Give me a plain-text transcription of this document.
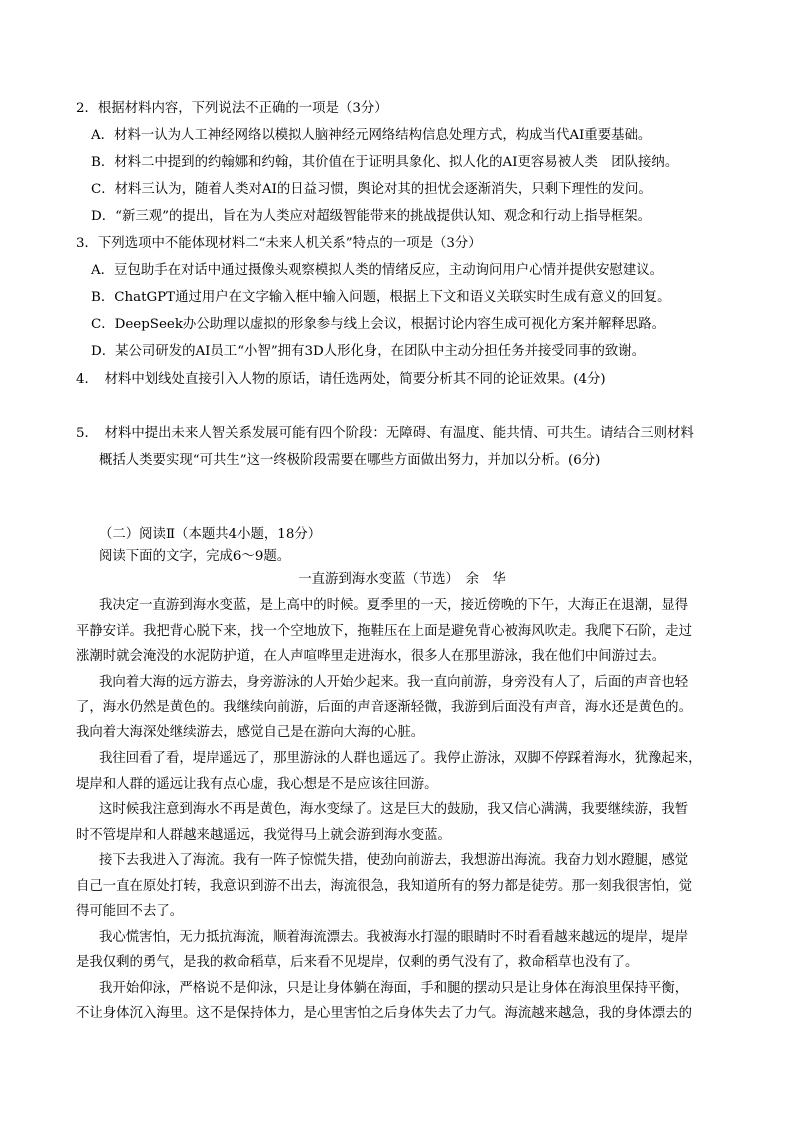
2．根据材料内容，下列说法不正确的一项是（3分）
A．材料一认为人工神经网络以模拟人脑神经元网络结构信息处理方式，构成当代AI重要基础。
B．材料二中提到的约翰娜和约翰，其价值在于证明具象化、拟人化的AI更容易被人类　团队接纳。
C．材料三认为，随着人类对AI的日益习惯，舆论对其的担忧会逐渐消失，只剩下理性的发问。
D．“新三观”的提出，旨在为人类应对超级智能带来的挑战提供认知、观念和行动上指导框架。
3．下列选项中不能体现材料二“未来人机关系”特点的一项是（3分）
A．豆包助手在对话中通过摄像头观察模拟人类的情绪反应，主动询问用户心情并提供安慰建议。
B．ChatGPT通过用户在文字输入框中输入问题，根据上下文和语义关联实时生成有意义的回复。
C．DeepSeek办公助理以虚拟的形象参与线上会议，根据讨论内容生成可视化方案并解释思路。
D．某公司研发的AI员工“小智”拥有3D人形化身，在团队中主动分担任务并接受同事的致谢。
4．　材料中划线处直接引入人物的原话，请任选两处，简要分析其不同的论证效果。(4分)
5．　材料中提出未来人智关系发展可能有四个阶段：无障碍、有温度、能共情、可共生。请结合三则材料
概括人类要实现“可共生”这一终极阶段需要在哪些方面做出努力，并加以分析。(6分)
（二）阅读Ⅱ（本题共4小题，18分）
阅读下面的文字，完成6～9题。
一直游到海水变蓝（节选）　余　华
我决定一直游到海水变蓝，是上高中的时候。夏季里的一天，接近傍晚的下午，大海正在退潮，显得
平静安详。我把背心脱下来，找一个空地放下，拖鞋压在上面是避免背心被海风吹走。我爬下石阶，走过
涨潮时就会淹没的水泥防护道，在人声喧哗里走进海水，很多人在那里游泳，我在他们中间游过去。
我向着大海的远方游去，身旁游泳的人开始少起来。我一直向前游，身旁没有人了，后面的声音也轻
了，海水仍然是黄色的。我继续向前游，后面的声音逐渐轻微，我游到后面没有声音，海水还是黄色的。
我向着大海深处继续游去，感觉自己是在游向大海的心脏。
我往回看了看，堤岸遥远了，那里游泳的人群也遥远了。我停止游泳，双脚不停踩着海水，犹豫起来，
堤岸和人群的遥远让我有点心虚，我心想是不是应该往回游。
这时候我注意到海水不再是黄色，海水变绿了。这是巨大的鼓励，我又信心满满，我要继续游，我暂
时不管堤岸和人群越来越遥远，我觉得马上就会游到海水变蓝。
接下去我进入了海流。我有一阵子惊慌失措，使劲向前游去，我想游出海流。我奋力划水蹬腿，感觉
自己一直在原处打转，我意识到游不出去，海流很急，我知道所有的努力都是徒劳。那一刻我很害怕，觉
得可能回不去了。
我心慌害怕，无力抵抗海流，顺着海流漂去。我被海水打湿的眼睛时不时看看越来越远的堤岸，堤岸
是我仅剩的勇气，是我的救命稻草，后来看不见堤岸，仅剩的勇气没有了，救命稻草也没有了。
我开始仰泳，严格说不是仰泳，只是让身体躺在海面，手和腿的摆动只是让身体在海浪里保持平衡，
不让身体沉入海里。这不是保持体力，是心里害怕之后身体失去了力气。海流越来越急，我的身体漂去的
